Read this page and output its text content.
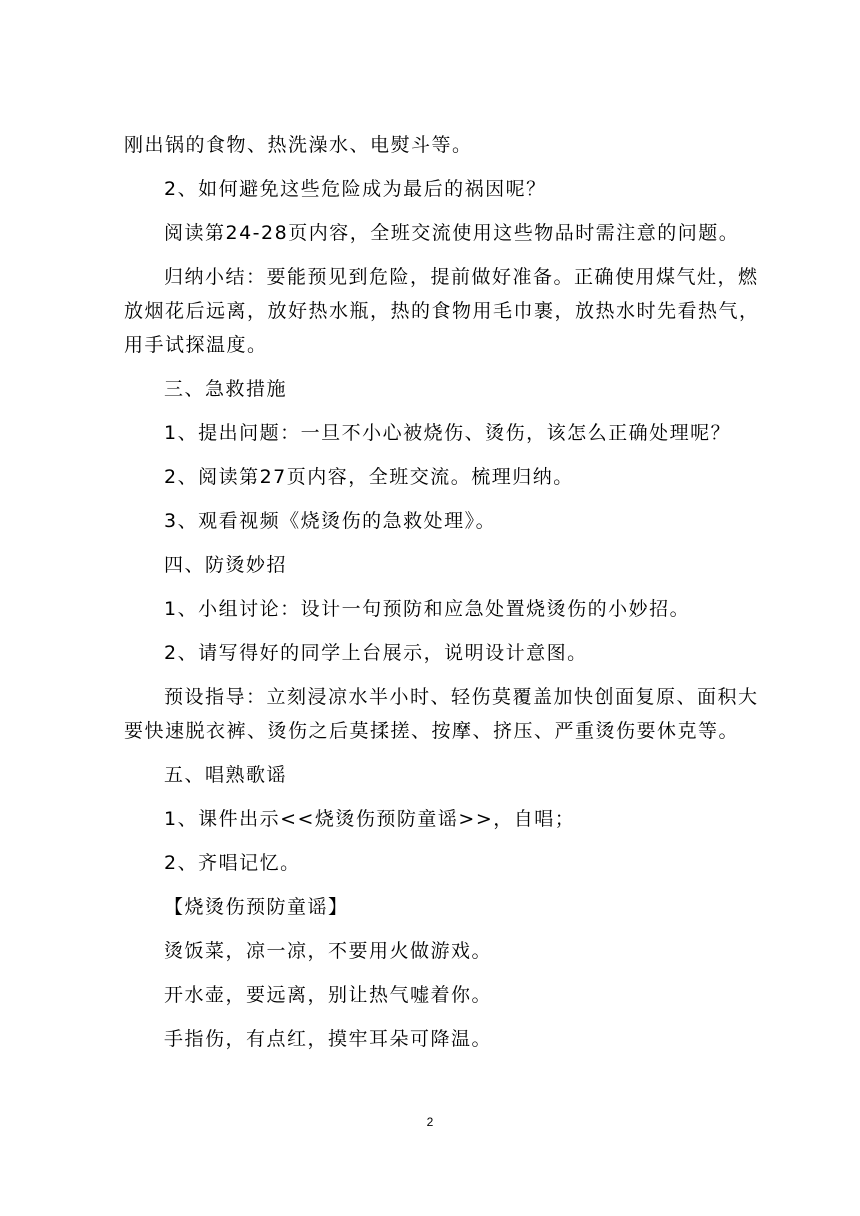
刚出锅的食物、热洗澡水、电熨斗等。

2、如何避免这些危险成为最后的祸因呢？

阅读第24-28页内容，全班交流使用这些物品时需注意的问题。

归纳小结：要能预见到危险，提前做好准备。正确使用煤气灶，燃放烟花后远离，放好热水瓶，热的食物用毛巾裹，放热水时先看热气，用手试探温度。

三、急救措施

1、提出问题：一旦不小心被烧伤、烫伤，该怎么正确处理呢？

2、阅读第27页内容，全班交流。梳理归纳。

3、观看视频《烧烫伤的急救处理》。

四、防烫妙招

1、小组讨论：设计一句预防和应急处置烧烫伤的小妙招。

2、请写得好的同学上台展示，说明设计意图。

预设指导：立刻浸凉水半小时、轻伤莫覆盖加快创面复原、面积大要快速脱衣裤、烫伤之后莫揉搓、按摩、挤压、严重烫伤要休克等。

五、唱熟歌谣

1、课件出示<<烧烫伤预防童谣>>，自唱；

2、齐唱记忆。

【烧烫伤预防童谣】

烫饭菜，凉一凉，不要用火做游戏。

开水壶，要远离，别让热气嘘着你。

手指伤，有点红，摸牢耳朵可降温。

2
